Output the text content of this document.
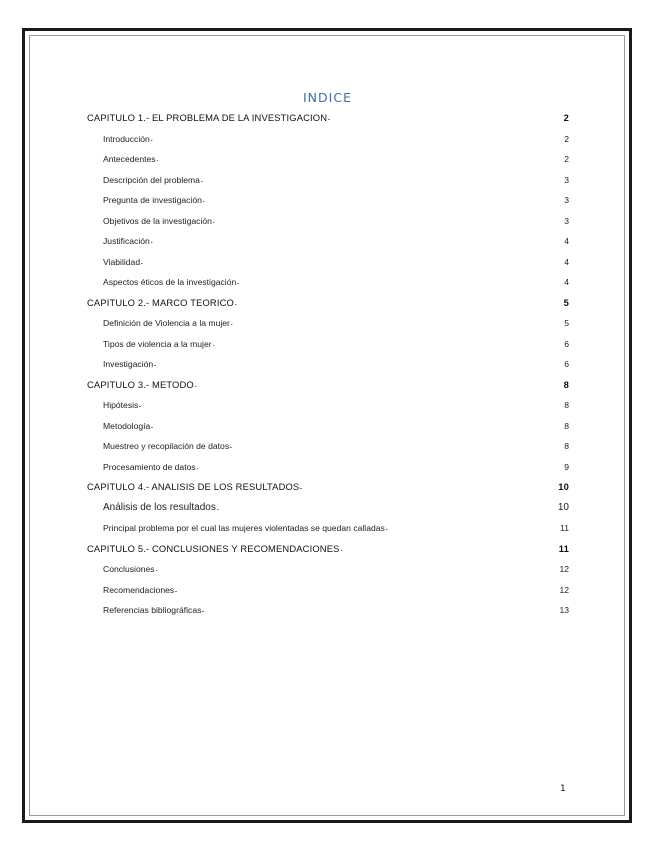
INDICE
CAPITULO 1.- EL PROBLEMA DE LA INVESTIGACION . . .	2
Introducción . . .	2
Antecedentes . . .	2
Descripción del problema . . .	3
Pregunta de investigación . . .	3
Objetivos de la investigación . . .	3
Justificación . . .	4
Viabilidad . . .	4
Aspectos éticos de la investigación . . .	4
CAPITULO 2.- MARCO TEORICO . . .	5
Definición de Violencia a la mujer . . .	5
Tipos de violencia a la mujer . . .	6
Investigación . . .	6
CAPITULO 3.- METODO . . .	8
Hipótesis . . .	8
Metodología . . .	8
Muestreo y recopilación de datos . . .	8
Procesamiento de datos . . .	9
CAPITULO 4.- ANALISIS DE LOS RESULTADOS . . .	10
Análisis de los resultados . . .	10
Principal problema por el cual las mujeres violentadas se quedan calladas . . .	11
CAPITULO 5.- CONCLUSIONES Y RECOMENDACIONES . . .	11
Conclusiones . . .	12
Recomendaciones . . .	12
Referencias bibliográficas . . .	13
1
